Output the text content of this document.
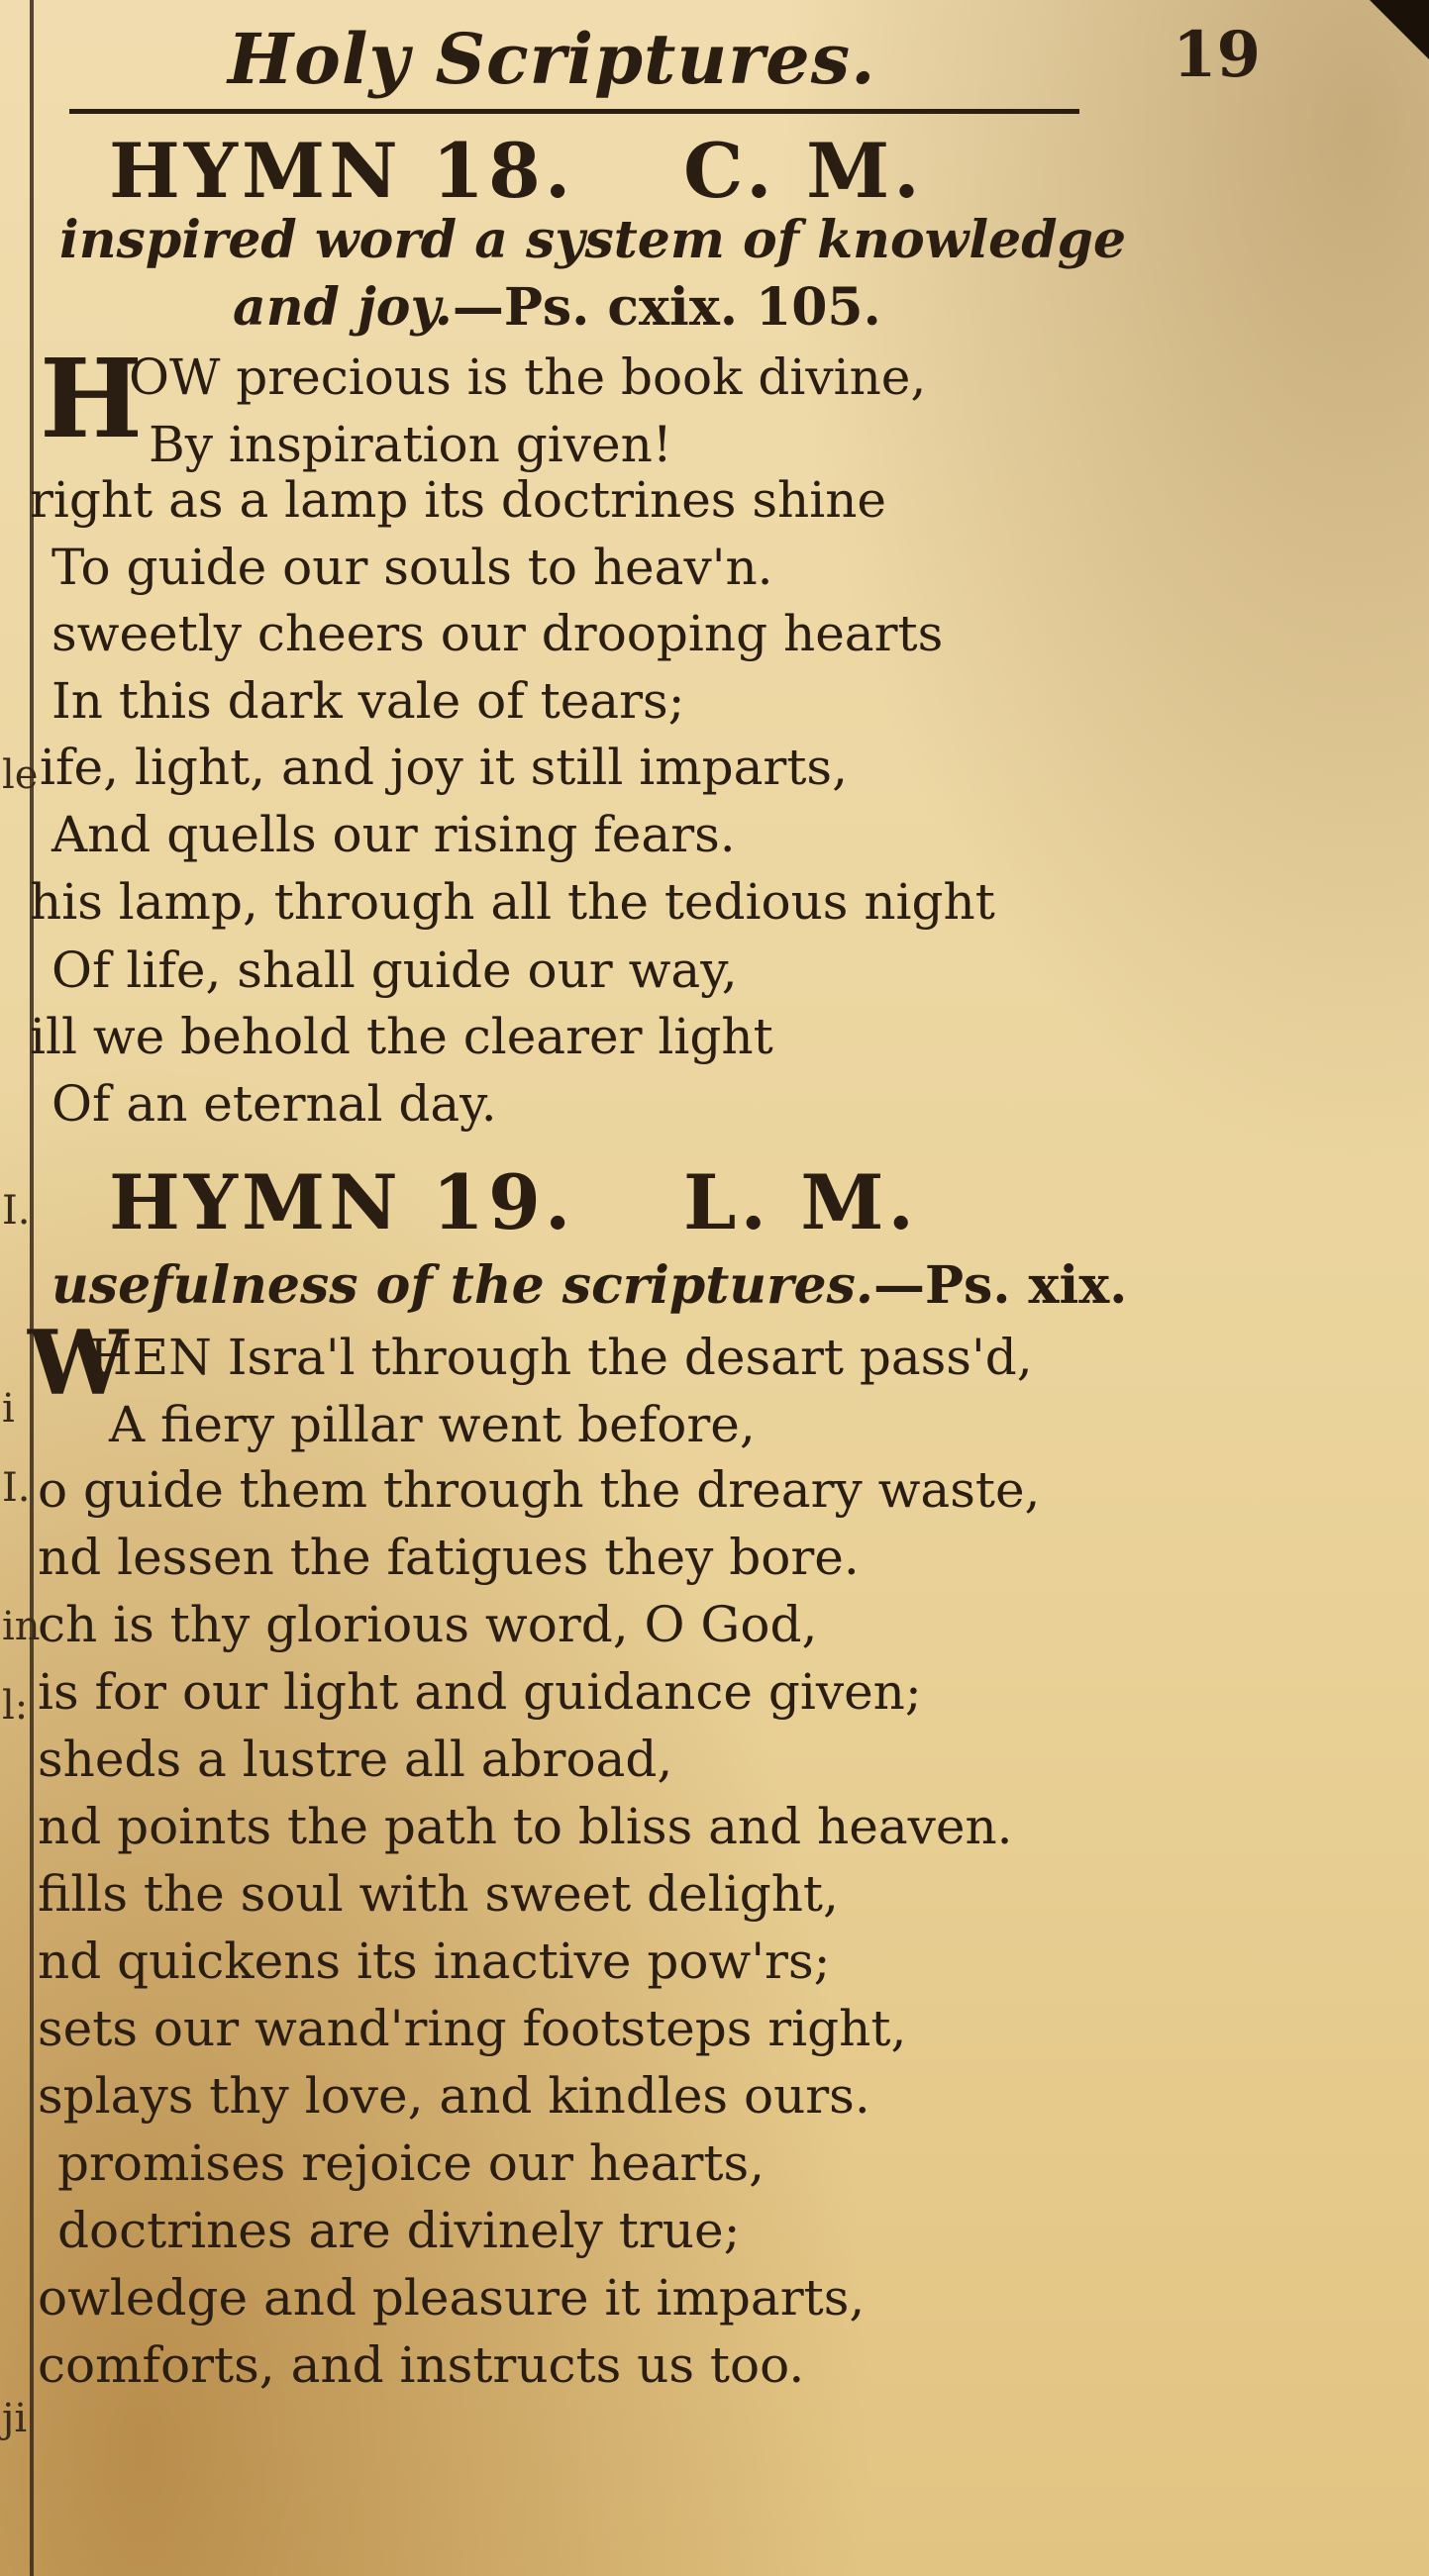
le
I.
i
I.
in
l:
ji
Holy Scriptures.	19
HYMN 18. C. M.
inspired word a system of knowledge
and joy.—Ps. cxix. 105.
H
OW precious is the book divine,
By inspiration given!
right as a lamp its doctrines shine
To guide our souls to heav'n.
sweetly cheers our drooping hearts
In this dark vale of tears;
ife, light, and joy it still imparts,
And quells our rising fears.
his lamp, through all the tedious night
Of life, shall guide our way,
ill we behold the clearer light
Of an eternal day.
HYMN 19. L. M.
usefulness of the scriptures.—Ps. xix.
W
HEN Isra'l through the desart pass'd,
A fiery pillar went before,
o guide them through the dreary waste,
nd lessen the fatigues they bore.
ch is thy glorious word, O God,
is for our light and guidance given;
sheds a lustre all abroad,
nd points the path to bliss and heaven.
fills the soul with sweet delight,
nd quickens its inactive pow'rs;
sets our wand'ring footsteps right,
splays thy love, and kindles ours.
promises rejoice our hearts,
doctrines are divinely true;
owledge and pleasure it imparts,
comforts, and instructs us too.
